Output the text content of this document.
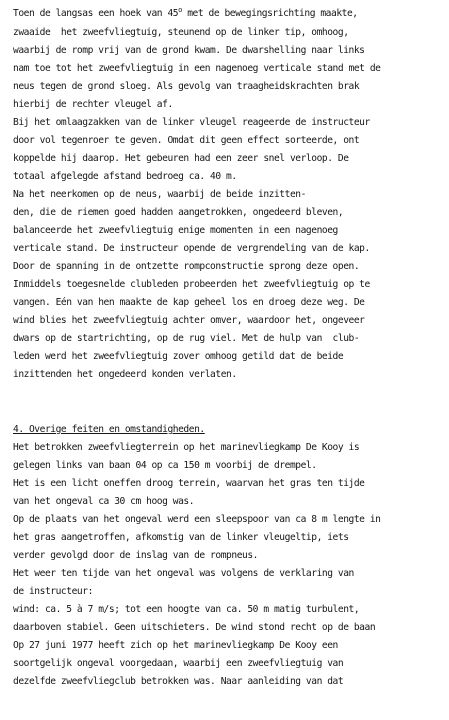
Toen de langsas een hoek van 45$^o$ met de bewegingsrichting maakte,
zwaaide  het zweefvliegtuig, steunend op de linker tip, omhoog,
waarbij de romp vrij van de grond kwam. De dwarshelling naar links
nam toe tot het zweefvliegtuig in een nagenoeg verticale stand met de
neus tegen de grond sloeg. Als gevolg van traagheidskrachten brak
hierbij de rechter vleugel af.
Bij het omlaagzakken van de linker vleugel reageerde de instructeur
door vol tegenroer te geven. Omdat dit geen effect sorteerde, ont
koppelde hij daarop. Het gebeuren had een zeer snel verloop. De
totaal afgelegde afstand bedroeg ca. 40 m.
Na het neerkomen op de neus, waarbij de beide inzitten-
den, die de riemen goed hadden aangetrokken, ongedeerd bleven,
balanceerde het zweefvliegtuig enige momenten in een nagenoeg
verticale stand. De instructeur opende de vergrendeling van de kap.
Door de spanning in de ontzette rompconstructie sprong deze open.
Inmiddels toegesnelde clubleden probeerden het zweefvliegtuig op te
vangen. Eén van hen maakte de kap geheel los en droeg deze weg. De
wind blies het zweefvliegtuig achter omver, waardoor het, ongeveer
dwars op de startrichting, op de rug viel. Met de hulp van  club-
leden werd het zweefvliegtuig zover omhoog getild dat de beide
inzittenden het ongedeerd konden verlaten.
4. Overige feiten en omstandigheden.
Het betrokken zweefvliegterrein op het marinevliegkamp De Kooy is
gelegen links van baan 04 op ca 150 m voorbij de drempel.
Het is een licht oneffen droog terrein, waarvan het gras ten tijde
van het ongeval ca 30 cm hoog was.
Op de plaats van het ongeval werd een sleepspoor van ca 8 m lengte in
het gras aangetroffen, afkomstig van de linker vleugeltip, iets
verder gevolgd door de inslag van de rompneus.
Het weer ten tijde van het ongeval was volgens de verklaring van
de instructeur:
wind: ca. 5 à 7 m/s; tot een hoogte van ca. 50 m matig turbulent,
daarboven stabiel. Geen uitschieters. De wind stond recht op de baan
Op 27 juni 1977 heeft zich op het marinevliegkamp De Kooy een
soortgelijk ongeval voorgedaan, waarbij een zweefvliegtuig van
dezelfde zweefvliegclub betrokken was. Naar aanleiding van dat
